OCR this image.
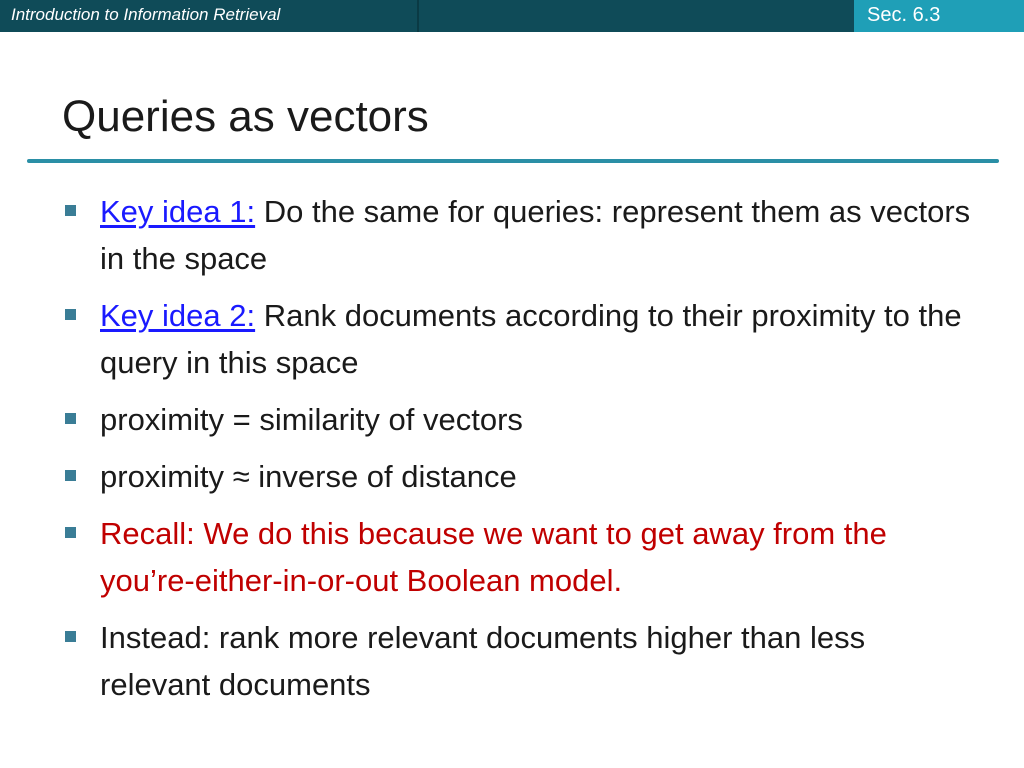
Introduction to Information Retrieval	Sec. 6.3
Queries as vectors
Key idea 1: Do the same for queries: represent them as vectors in the space
Key idea 2: Rank documents according to their proximity to the query in this space
proximity = similarity of vectors
proximity ≈ inverse of distance
Recall: We do this because we want to get away from the you’re-either-in-or-out Boolean model.
Instead: rank more relevant documents higher than less relevant documents
